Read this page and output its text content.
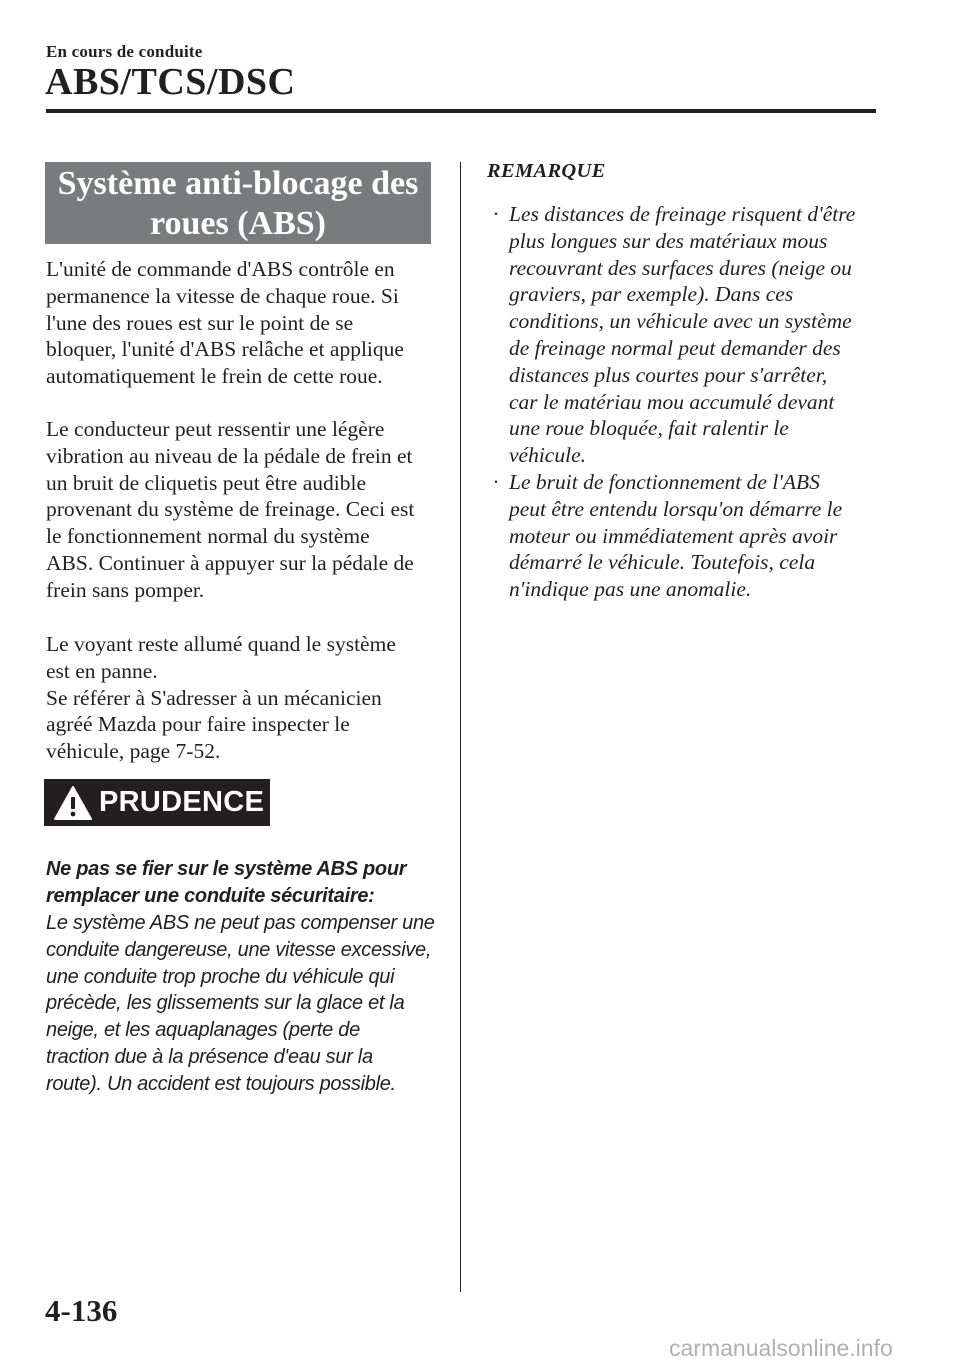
En cours de conduite
ABS/TCS/DSC
Système anti-blocage des
roues (ABS)
L'unité de commande d'ABS contrôle en
permanence la vitesse de chaque roue. Si
l'une des roues est sur le point de se
bloquer, l'unité d'ABS relâche et applique
automatiquement le frein de cette roue.
Le conducteur peut ressentir une légère
vibration au niveau de la pédale de frein et
un bruit de cliquetis peut être audible
provenant du système de freinage. Ceci est
le fonctionnement normal du système
ABS. Continuer à appuyer sur la pédale de
frein sans pomper.
Le voyant reste allumé quand le système
est en panne.
Se référer à S'adresser à un mécanicien
agréé Mazda pour faire inspecter le
véhicule, page 7-52.
PRUDENCE
Ne pas se fier sur le système ABS pour
remplacer une conduite sécuritaire:
Le système ABS ne peut pas compenser une
conduite dangereuse, une vitesse excessive,
une conduite trop proche du véhicule qui
précède, les glissements sur la glace et la
neige, et les aquaplanages (perte de
traction due à la présence d'eau sur la
route). Un accident est toujours possible.
REMARQUE
· Les distances de freinage risquent d'être
plus longues sur des matériaux mous
recouvrant des surfaces dures (neige ou
graviers, par exemple). Dans ces
conditions, un véhicule avec un système
de freinage normal peut demander des
distances plus courtes pour s'arrêter,
car le matériau mou accumulé devant
une roue bloquée, fait ralentir le
véhicule.
· Le bruit de fonctionnement de l'ABS
peut être entendu lorsqu'on démarre le
moteur ou immédiatement après avoir
démarré le véhicule. Toutefois, cela
n'indique pas une anomalie.
4-136
carmanualsonline.info
